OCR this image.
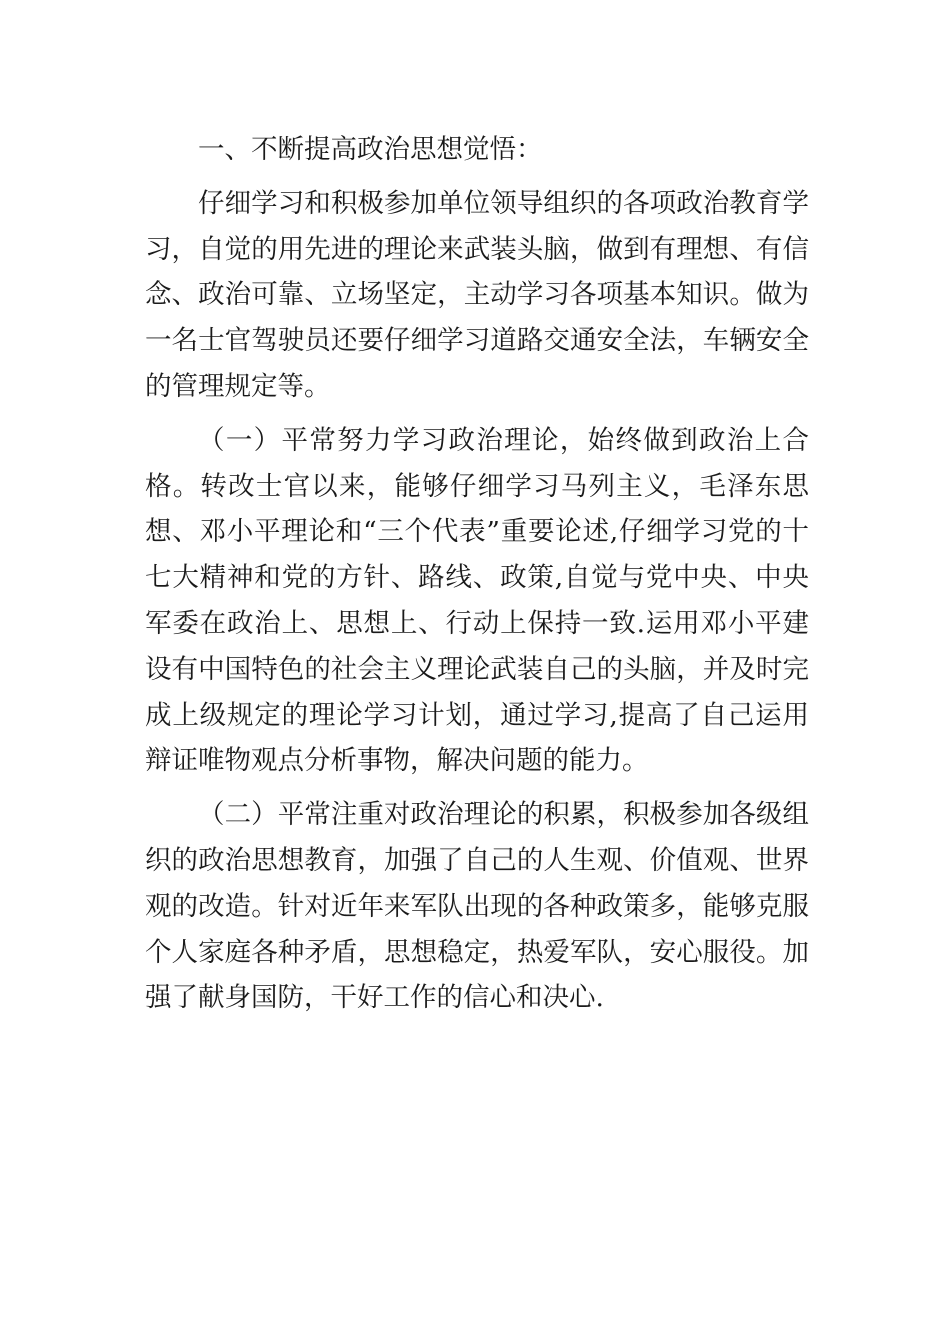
一、不断提高政治思想觉悟：

仔细学习和积极参加单位领导组织的各项政治教育学习，自觉的用先进的理论来武装头脑，做到有理想、有信念、政治可靠、立场坚定，主动学习各项基本知识。做为一名士官驾驶员还要仔细学习道路交通安全法，车辆安全的管理规定等。

（一）平常努力学习政治理论，始终做到政治上合格。转改士官以来，能够仔细学习马列主义，毛泽东思想、邓小平理论和“三个代表”重要论述,仔细学习党的十七大精神和党的方针、路线、政策,自觉与党中央、中央军委在政治上、思想上、行动上保持一致.运用邓小平建设有中国特色的社会主义理论武装自己的头脑，并及时完成上级规定的理论学习计划，通过学习,提高了自己运用辩证唯物观点分析事物，解决问题的能力。

（二）平常注重对政治理论的积累，积极参加各级组织的政治思想教育，加强了自己的人生观、价值观、世界观的改造。针对近年来军队出现的各种政策多，能够克服个人家庭各种矛盾，思想稳定，热爱军队，安心服役。加强了献身国防，干好工作的信心和决心.
